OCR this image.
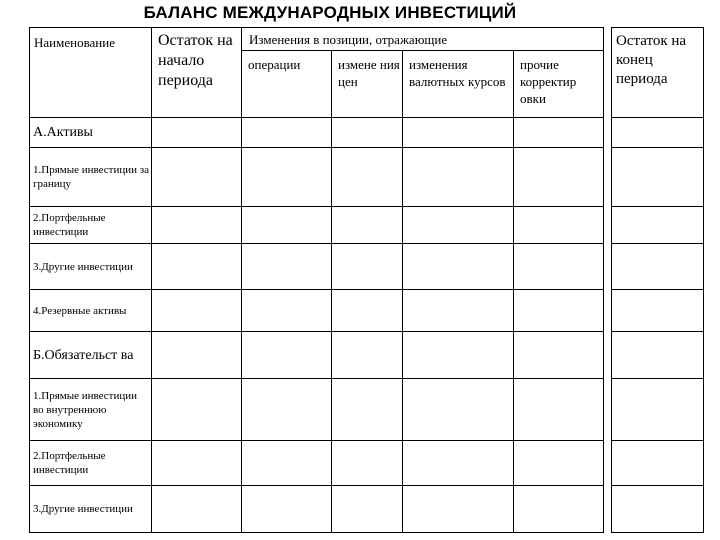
БАЛАНС МЕЖДУНАРОДНЫХ ИНВЕСТИЦИЙ
Наименование	Остаток на начало периода	Изменения в позиции, отражающие					Остаток на конец периода
		операции	измене ния цен	изменения валютных курсов	прочие корректир овки		
А.Активы							
1.Прямые инвестиции за границу							
2.Портфельные инвестиции							
3.Другие инвестиции							
4.Резервные активы							
Б.Обязательст ва							
1.Прямые инвестиции во внутреннюю экономику							
2.Портфельные инвестиции							
3.Другие инвестиции							
